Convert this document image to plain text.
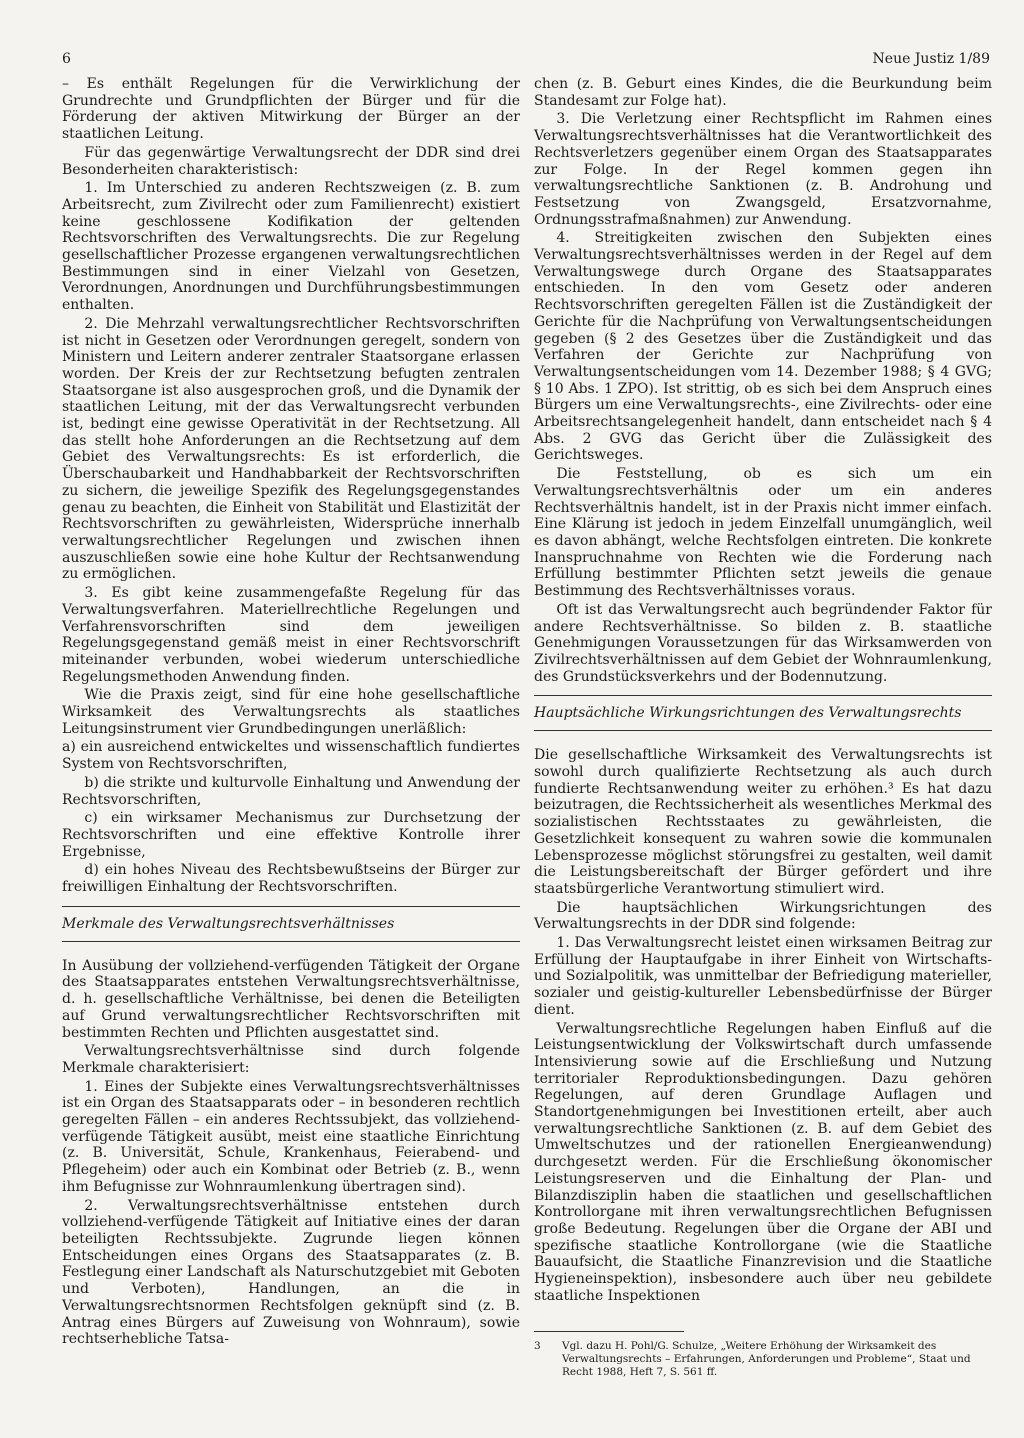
6	Neue Justiz 1/89

– Es enthält Regelungen für die Verwirklichung der Grundrechte und Grundpflichten der Bürger und für die Förderung der aktiven Mitwirkung der Bürger an der staatlichen Leitung.

Für das gegenwärtige Verwaltungsrecht der DDR sind drei Besonderheiten charakteristisch:

1. Im Unterschied zu anderen Rechtszweigen (z. B. zum Arbeitsrecht, zum Zivilrecht oder zum Familienrecht) existiert keine geschlossene Kodifikation der geltenden Rechtsvorschriften des Verwaltungsrechts. Die zur Regelung gesellschaftlicher Prozesse ergangenen verwaltungsrechtlichen Bestimmungen sind in einer Vielzahl von Gesetzen, Verordnungen, Anordnungen und Durchführungsbestimmungen enthalten.

2. Die Mehrzahl verwaltungsrechtlicher Rechtsvorschriften ist nicht in Gesetzen oder Verordnungen geregelt, sondern von Ministern und Leitern anderer zentraler Staatsorgane erlassen worden. Der Kreis der zur Rechtsetzung befugten zentralen Staatsorgane ist also ausgesprochen groß, und die Dynamik der staatlichen Leitung, mit der das Verwaltungsrecht verbunden ist, bedingt eine gewisse Operativität in der Rechtsetzung. All das stellt hohe Anforderungen an die Rechtsetzung auf dem Gebiet des Verwaltungsrechts: Es ist erforderlich, die Überschaubarkeit und Handhabbarkeit der Rechtsvorschriften zu sichern, die jeweilige Spezifik des Regelungsgegenstandes genau zu beachten, die Einheit von Stabilität und Elastizität der Rechtsvorschriften zu gewährleisten, Widersprüche innerhalb verwaltungsrechtlicher Regelungen und zwischen ihnen auszuschließen sowie eine hohe Kultur der Rechtsanwendung zu ermöglichen.

3. Es gibt keine zusammengefaßte Regelung für das Verwaltungsverfahren. Materiellrechtliche Regelungen und Verfahrensvorschriften sind dem jeweiligen Regelungsgegenstand gemäß meist in einer Rechtsvorschrift miteinander verbunden, wobei wiederum unterschiedliche Regelungsmethoden Anwendung finden.

Wie die Praxis zeigt, sind für eine hohe gesellschaftliche Wirksamkeit des Verwaltungsrechts als staatliches Leitungsinstrument vier Grundbedingungen unerläßlich:

a) ein ausreichend entwickeltes und wissenschaftlich fundiertes System von Rechtsvorschriften,

b) die strikte und kulturvolle Einhaltung und Anwendung der Rechtsvorschriften,

c) ein wirksamer Mechanismus zur Durchsetzung der Rechtsvorschriften und eine effektive Kontrolle ihrer Ergebnisse,

d) ein hohes Niveau des Rechtsbewußtseins der Bürger zur freiwilligen Einhaltung der Rechtsvorschriften.

Merkmale des Verwaltungsrechtsverhältnisses

In Ausübung der vollziehend-verfügenden Tätigkeit der Organe des Staatsapparates entstehen Verwaltungsrechtsverhältnisse, d. h. gesellschaftliche Verhältnisse, bei denen die Beteiligten auf Grund verwaltungsrechtlicher Rechtsvorschriften mit bestimmten Rechten und Pflichten ausgestattet sind.

Verwaltungsrechtsverhältnisse sind durch folgende Merkmale charakterisiert:

1. Eines der Subjekte eines Verwaltungsrechtsverhältnisses ist ein Organ des Staatsapparats oder – in besonderen rechtlich geregelten Fällen – ein anderes Rechtssubjekt, das vollziehend-verfügende Tätigkeit ausübt, meist eine staatliche Einrichtung (z. B. Universität, Schule, Krankenhaus, Feierabend- und Pflegeheim) oder auch ein Kombinat oder Betrieb (z. B., wenn ihm Befugnisse zur Wohnraumlenkung übertragen sind).

2. Verwaltungsrechtsverhältnisse entstehen durch vollziehend-verfügende Tätigkeit auf Initiative eines der daran beteiligten Rechtssubjekte. Zugrunde liegen können Entscheidungen eines Organs des Staatsapparates (z. B. Festlegung einer Landschaft als Naturschutzgebiet mit Geboten und Verboten), Handlungen, an die in Verwaltungsrechtsnormen Rechtsfolgen geknüpft sind (z. B. Antrag eines Bürgers auf Zuweisung von Wohnraum), sowie rechtserhebliche Tatsa-

chen (z. B. Geburt eines Kindes, die die Beurkundung beim Standesamt zur Folge hat).

3. Die Verletzung einer Rechtspflicht im Rahmen eines Verwaltungsrechtsverhältnisses hat die Verantwortlichkeit des Rechtsverletzers gegenüber einem Organ des Staatsapparates zur Folge. In der Regel kommen gegen ihn verwaltungsrechtliche Sanktionen (z. B. Androhung und Festsetzung von Zwangsgeld, Ersatzvornahme, Ordnungsstrafmaßnahmen) zur Anwendung.

4. Streitigkeiten zwischen den Subjekten eines Verwaltungsrechtsverhältnisses werden in der Regel auf dem Verwaltungswege durch Organe des Staatsapparates entschieden. In den vom Gesetz oder anderen Rechtsvorschriften geregelten Fällen ist die Zuständigkeit der Gerichte für die Nachprüfung von Verwaltungsentscheidungen gegeben (§ 2 des Gesetzes über die Zuständigkeit und das Verfahren der Gerichte zur Nachprüfung von Verwaltungsentscheidungen vom 14. Dezember 1988; § 4 GVG; § 10 Abs. 1 ZPO). Ist strittig, ob es sich bei dem Anspruch eines Bürgers um eine Verwaltungsrechts-, eine Zivilrechts- oder eine Arbeitsrechtsangelegenheit handelt, dann entscheidet nach § 4 Abs. 2 GVG das Gericht über die Zulässigkeit des Gerichtsweges.

Die Feststellung, ob es sich um ein Verwaltungsrechtsverhältnis oder um ein anderes Rechtsverhältnis handelt, ist in der Praxis nicht immer einfach. Eine Klärung ist jedoch in jedem Einzelfall unumgänglich, weil es davon abhängt, welche Rechtsfolgen eintreten. Die konkrete Inanspruchnahme von Rechten wie die Forderung nach Erfüllung bestimmter Pflichten setzt jeweils die genaue Bestimmung des Rechtsverhältnisses voraus.

Oft ist das Verwaltungsrecht auch begründender Faktor für andere Rechtsverhältnisse. So bilden z. B. staatliche Genehmigungen Voraussetzungen für das Wirksamwerden von Zivilrechtsverhältnissen auf dem Gebiet der Wohnraumlenkung, des Grundstücksverkehrs und der Bodennutzung.

Hauptsächliche Wirkungsrichtungen des Verwaltungsrechts

Die gesellschaftliche Wirksamkeit des Verwaltungsrechts ist sowohl durch qualifizierte Rechtsetzung als auch durch fundierte Rechtsanwendung weiter zu erhöhen.³ Es hat dazu beizutragen, die Rechtssicherheit als wesentliches Merkmal des sozialistischen Rechtsstaates zu gewährleisten, die Gesetzlichkeit konsequent zu wahren sowie die kommunalen Lebensprozesse möglichst störungsfrei zu gestalten, weil damit die Leistungsbereitschaft der Bürger gefördert und ihre staatsbürgerliche Verantwortung stimuliert wird.

Die hauptsächlichen Wirkungsrichtungen des Verwaltungsrechts in der DDR sind folgende:

1. Das Verwaltungsrecht leistet einen wirksamen Beitrag zur Erfüllung der Hauptaufgabe in ihrer Einheit von Wirtschafts- und Sozialpolitik, was unmittelbar der Befriedigung materieller, sozialer und geistig-kultureller Lebensbedürfnisse der Bürger dient.

Verwaltungsrechtliche Regelungen haben Einfluß auf die Leistungsentwicklung der Volkswirtschaft durch umfassende Intensivierung sowie auf die Erschließung und Nutzung territorialer Reproduktionsbedingungen. Dazu gehören Regelungen, auf deren Grundlage Auflagen und Standortgenehmigungen bei Investitionen erteilt, aber auch verwaltungsrechtliche Sanktionen (z. B. auf dem Gebiet des Umweltschutzes und der rationellen Energieanwendung) durchgesetzt werden. Für die Erschließung ökonomischer Leistungsreserven und die Einhaltung der Plan- und Bilanzdisziplin haben die staatlichen und gesellschaftlichen Kontrollorgane mit ihren verwaltungsrechtlichen Befugnissen große Bedeutung. Regelungen über die Organe der ABI und spezifische staatliche Kontrollorgane (wie die Staatliche Bauaufsicht, die Staatliche Finanzrevision und die Staatliche Hygieneinspektion), insbesondere auch über neu gebildete staatliche Inspektionen

3 Vgl. dazu H. Pohl/G. Schulze, „Weitere Erhöhung der Wirksamkeit des Verwaltungsrechts – Erfahrungen, Anforderungen und Probleme“, Staat und Recht 1988, Heft 7, S. 561 ff.
